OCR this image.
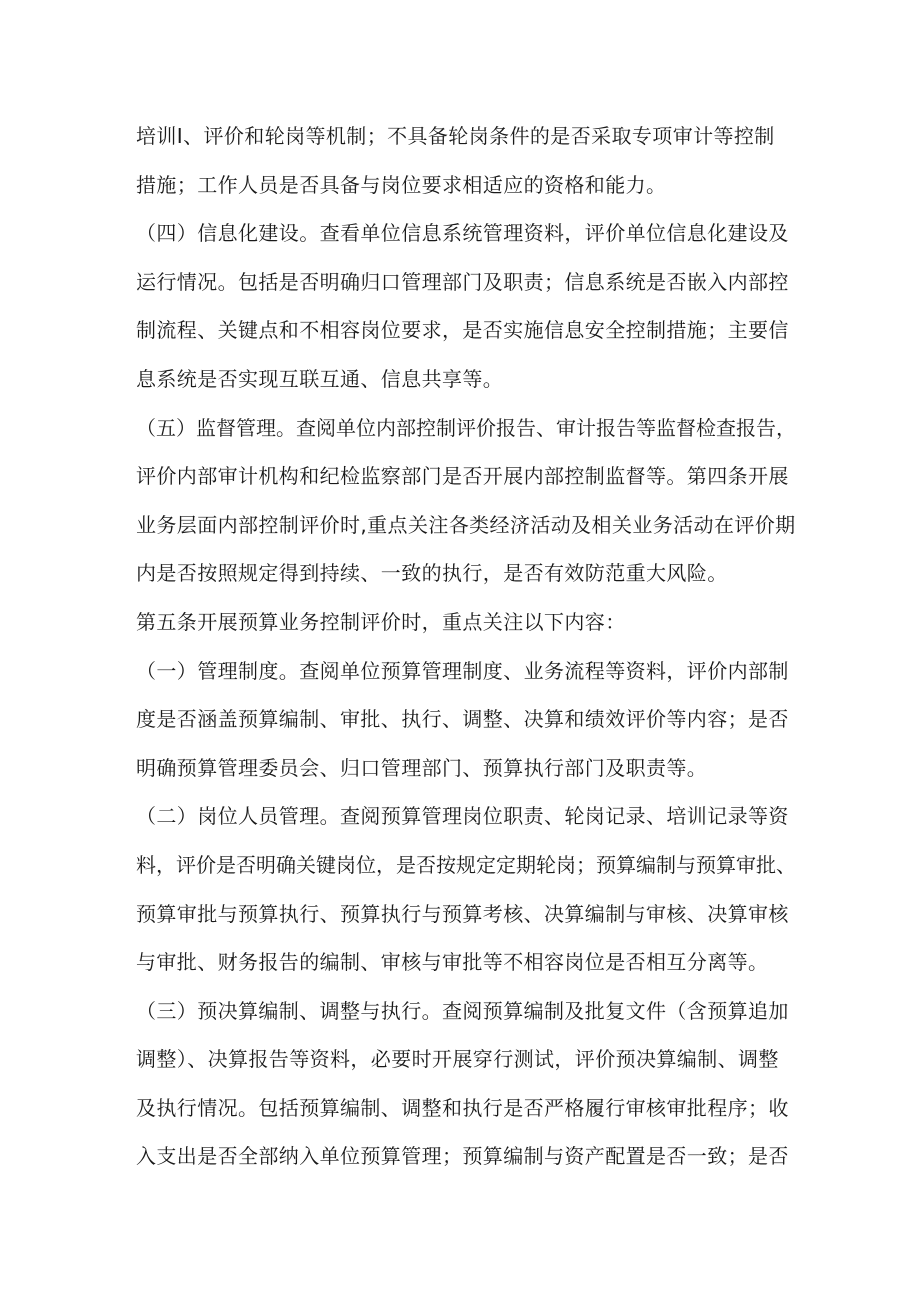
培训I、评价和轮岗等机制；不具备轮岗条件的是否采取专项审计等控制
措施；工作人员是否具备与岗位要求相适应的资格和能力。
（四）信息化建设。查看单位信息系统管理资料，评价单位信息化建设及
运行情况。包括是否明确归口管理部门及职责；信息系统是否嵌入内部控
制流程、关键点和不相容岗位要求，是否实施信息安全控制措施；主要信
息系统是否实现互联互通、信息共享等。
（五）监督管理。查阅单位内部控制评价报告、审计报告等监督检查报告，
评价内部审计机构和纪检监察部门是否开展内部控制监督等。第四条开展
业务层面内部控制评价时,重点关注各类经济活动及相关业务活动在评价期
内是否按照规定得到持续、一致的执行，是否有效防范重大风险。
第五条开展预算业务控制评价时，重点关注以下内容：
（一）管理制度。查阅单位预算管理制度、业务流程等资料，评价内部制
度是否涵盖预算编制、审批、执行、调整、决算和绩效评价等内容；是否
明确预算管理委员会、归口管理部门、预算执行部门及职责等。
（二）岗位人员管理。查阅预算管理岗位职责、轮岗记录、培训记录等资
料，评价是否明确关键岗位，是否按规定定期轮岗；预算编制与预算审批、
预算审批与预算执行、预算执行与预算考核、决算编制与审核、决算审核
与审批、财务报告的编制、审核与审批等不相容岗位是否相互分离等。
（三）预决算编制、调整与执行。查阅预算编制及批复文件（含预算追加
调整）、决算报告等资料，必要时开展穿行测试，评价预决算编制、调整
及执行情况。包括预算编制、调整和执行是否严格履行审核审批程序；收
入支出是否全部纳入单位预算管理；预算编制与资产配置是否一致；是否
